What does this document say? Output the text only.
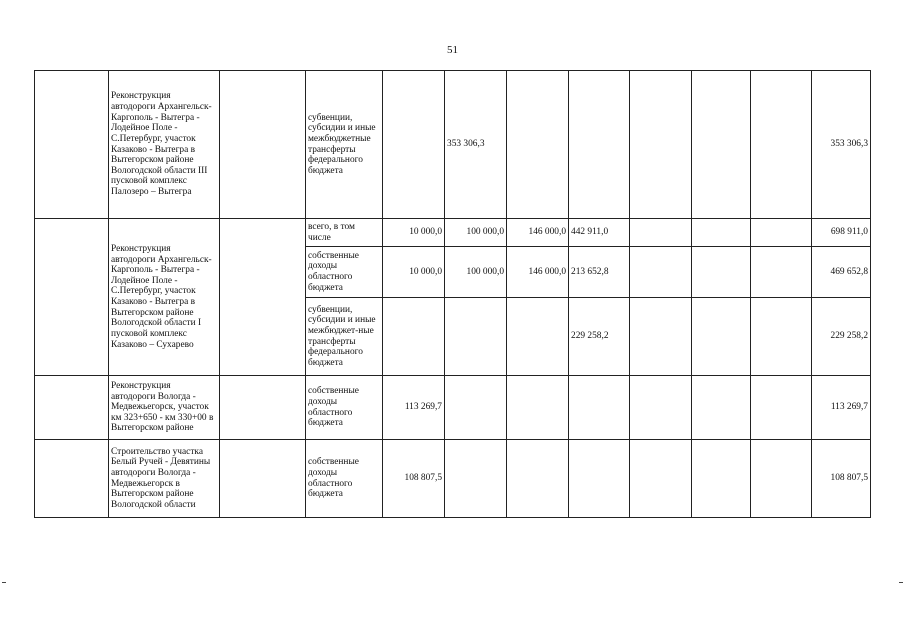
51
	Реконструкция автодороги Архангельск-Каргополь - Вытегра - Лодейное Поле - С.Петербург, участок Казаково - Вытегра в Вытегорском районе Вологодской области III пусковой комплекс Палозеро – Вытегра		субвенции, субсидии и иные межбюджетные трансферты федерального бюджета		353 306,3						353 306,3
	Реконструкция автодороги Архангельск-Каргополь - Вытегра - Лодейное Поле - С.Петербург, участок Казаково - Вытегра в Вытегорском районе Вологодской области I пусковой комплекс Казаково – Сухарево		всего, в том числе	10 000,0	100 000,0	146 000,0	442 911,0				698 911,0

			собственные доходы областного бюджета	10 000,0	100 000,0	146 000,0	213 652,8				469 652,8

			субвенции, субсидии и иные межбюджет-ные трансферты федерального бюджета				229 258,2				229 258,2
	Реконструкция автодороги Вологда - Медвежьегорск, участок км 323+650 - км 330+00 в Вытегорском районе		собственные доходы областного бюджета	113 269,7							113 269,7
	Строительство участка Белый Ручей - Девятины автодороги Вологда - Медвежьегорск в Вытегорском районе Вологодской области		собственные доходы областного бюджета	108 807,5							108 807,5
